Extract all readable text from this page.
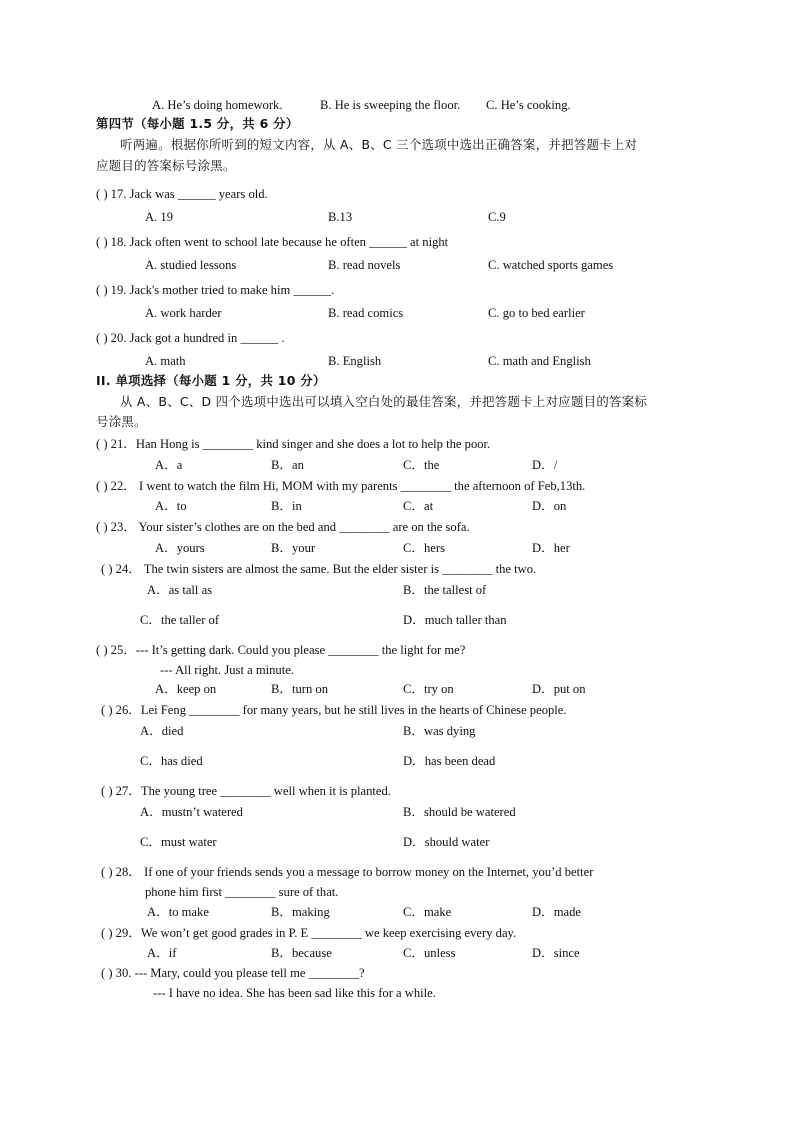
A. He’s doing homework.	B. He is sweeping the floor. C. He’s cooking.
第四节（每小题 1.5 分，共 6 分）
听两遍。根据你所听到的短文内容，从 A、B、C 三个选项中选出正确答案，并把答题卡上对
应题目的答案标号涂黑。
( ) 17. Jack was ______ years old.
A. 19	B.13	C.9
( ) 18. Jack often went to school late because he often ______ at night
A. studied lessons	B. read novels	C. watched sports games
( ) 19. Jack's mother tried to make him ______.
A. work harder	B. read comics	C. go to bed earlier
( ) 20. Jack got a hundred in ______ .
A. math	B. English	C. math and English
II. 单项选择（每小题 1 分，共 10 分）
从 A、B、C、D 四个选项中选出可以填入空白处的最佳答案，并把答题卡上对应题目的答案标
号涂黑。
( ) 21．Han Hong is ________ kind singer and she does a lot to help the poor.
A．a	B．an	C．the	D．/
( ) 22． I went to watch the film Hi, MOM with my parents ________ the afternoon of Feb,13th.
A．to	B．in	C．at	D．on
( ) 23． Your sister’s clothes are on the bed and ________ are on the sofa.
A．yours	B．your	C．hers	D．her
( ) 24． The twin sisters are almost the same. But the elder sister is ________ the two.
A．as tall as	B．the tallest of
C．the taller of	D．much taller than
( ) 25．--- It’s getting dark. Could you please ________ the light for me?
--- All right. Just a minute.
A．keep on	B．turn on	C．try on	D．put on
( ) 26．Lei Feng ________ for many years, but he still lives in the hearts of Chinese people.
A．died	B．was dying
C．has died	D．has been dead
( ) 27．The young tree ________ well when it is planted.
A．mustn’t watered	B．should be watered
C．must water	D．should water
( ) 28． If one of your friends sends you a message to borrow money on the Internet, you’d better
phone him first ________ sure of that.
A．to make	B．making	C．make	D．made
( ) 29．We won’t get good grades in P. E ________ we keep exercising every day.
A．if	B．because	C．unless	D．since
( ) 30. --- Mary, could you please tell me ________?
--- I have no idea. She has been sad like this for a while.
